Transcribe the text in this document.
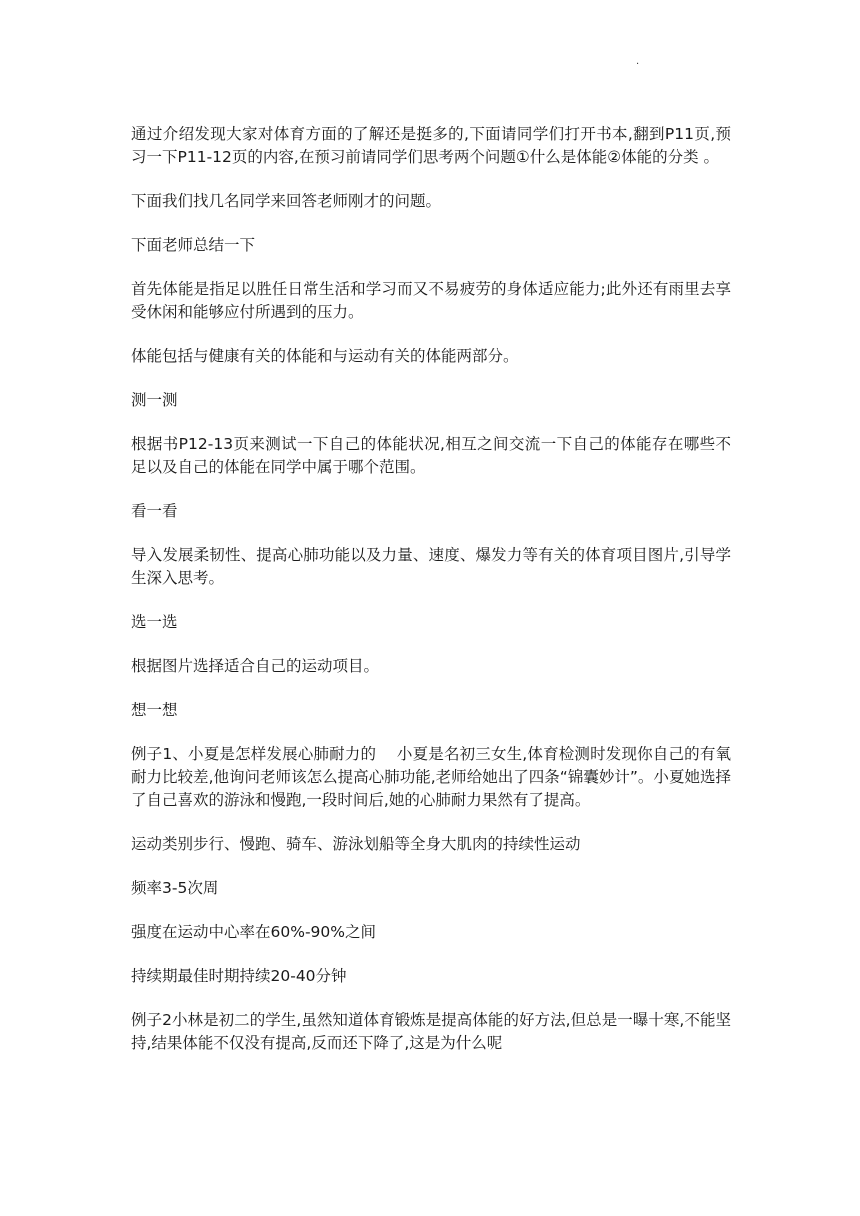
.

通过介绍发现大家对体育方面的了解还是挺多的,下面请同学们打开书本,翻到P11页,预习一下P11-12页的内容,在预习前请同学们思考两个问题①什么是体能②体能的分类 。

下面我们找几名同学来回答老师刚才的问题。

下面老师总结一下

首先体能是指足以胜任日常生活和学习而又不易疲劳的身体适应能力;此外还有雨里去享受休闲和能够应付所遇到的压力。

体能包括与健康有关的体能和与运动有关的体能两部分。

测一测

根据书P12-13页来测试一下自己的体能状况,相互之间交流一下自己的体能存在哪些不足以及自己的体能在同学中属于哪个范围。

看一看

导入发展柔韧性、提高心肺功能以及力量、速度、爆发力等有关的体育项目图片,引导学生深入思考。

选一选

根据图片选择适合自己的运动项目。

想一想

例子1、小夏是怎样发展心肺耐力的　 小夏是名初三女生,体育检测时发现你自己的有氧耐力比较差,他询问老师该怎么提高心肺功能,老师给她出了四条“锦囊妙计”。小夏她选择了自己喜欢的游泳和慢跑,一段时间后,她的心肺耐力果然有了提高。

运动类别步行、慢跑、骑车、游泳划船等全身大肌肉的持续性运动

频率3-5次周

强度在运动中心率在60%-90%之间

持续期最佳时期持续20-40分钟

例子2小林是初二的学生,虽然知道体育锻炼是提高体能的好方法,但总是一曝十寒,不能坚持,结果体能不仅没有提高,反而还下降了,这是为什么呢
